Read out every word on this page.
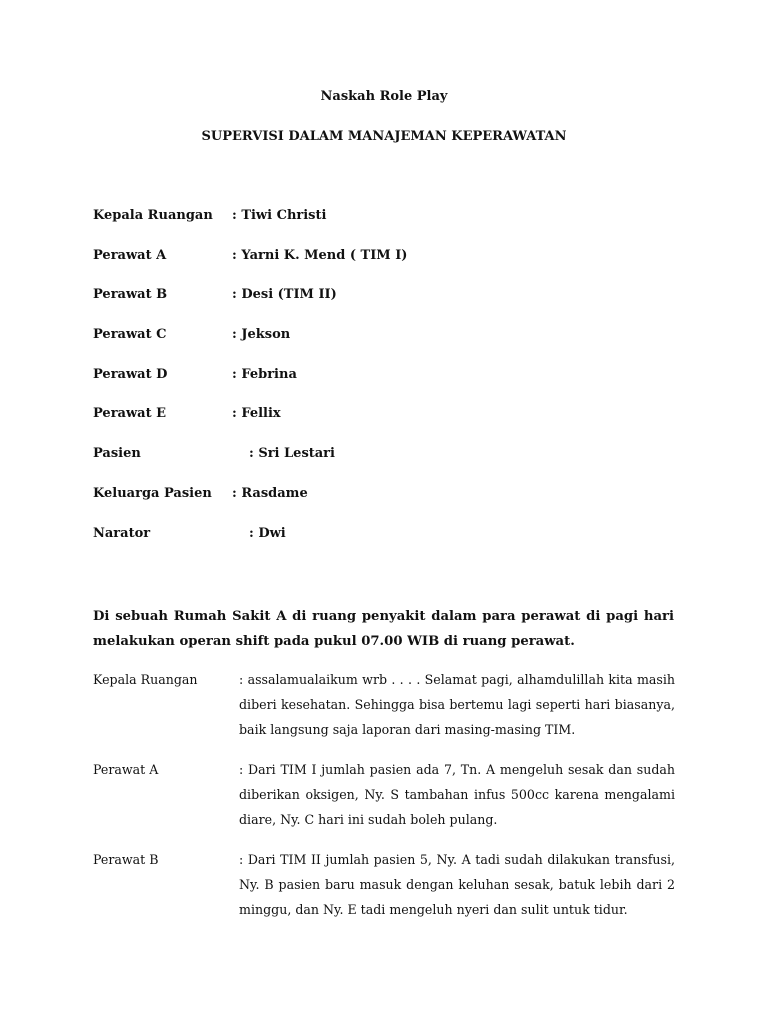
Naskah Role Play
SUPERVISI DALAM MANAJEMAN KEPERAWATAN
Kepala Ruangan : Tiwi Christi
Perawat A	: Yarni K. Mend ( TIM I)
Perawat B	: Desi (TIM II)
Perawat C	: Jekson
Perawat D	: Febrina
Perawat E	: Fellix
Pasien	: Sri Lestari
Keluarga Pasien : Rasdame
Narator	: Dwi
Di sebuah Rumah Sakit A di ruang penyakit dalam para perawat di pagi hari melakukan operan shift pada pukul 07.00 WIB di ruang perawat.
Kepala Ruangan	: assalamualaikum wrb . . . . Selamat pagi, alhamdulillah kita masih diberi kesehatan. Sehingga bisa bertemu lagi seperti hari biasanya, baik langsung saja laporan dari masing-masing TIM.
Perawat A	: Dari TIM I jumlah pasien ada 7, Tn. A mengeluh sesak dan sudah diberikan oksigen, Ny. S tambahan infus 500cc karena mengalami diare, Ny. C hari ini sudah boleh pulang.
Perawat B	: Dari TIM II jumlah pasien 5, Ny. A tadi sudah dilakukan transfusi, Ny. B pasien baru masuk dengan keluhan sesak, batuk lebih dari 2 minggu, dan Ny. E tadi mengeluh nyeri dan sulit untuk tidur.
